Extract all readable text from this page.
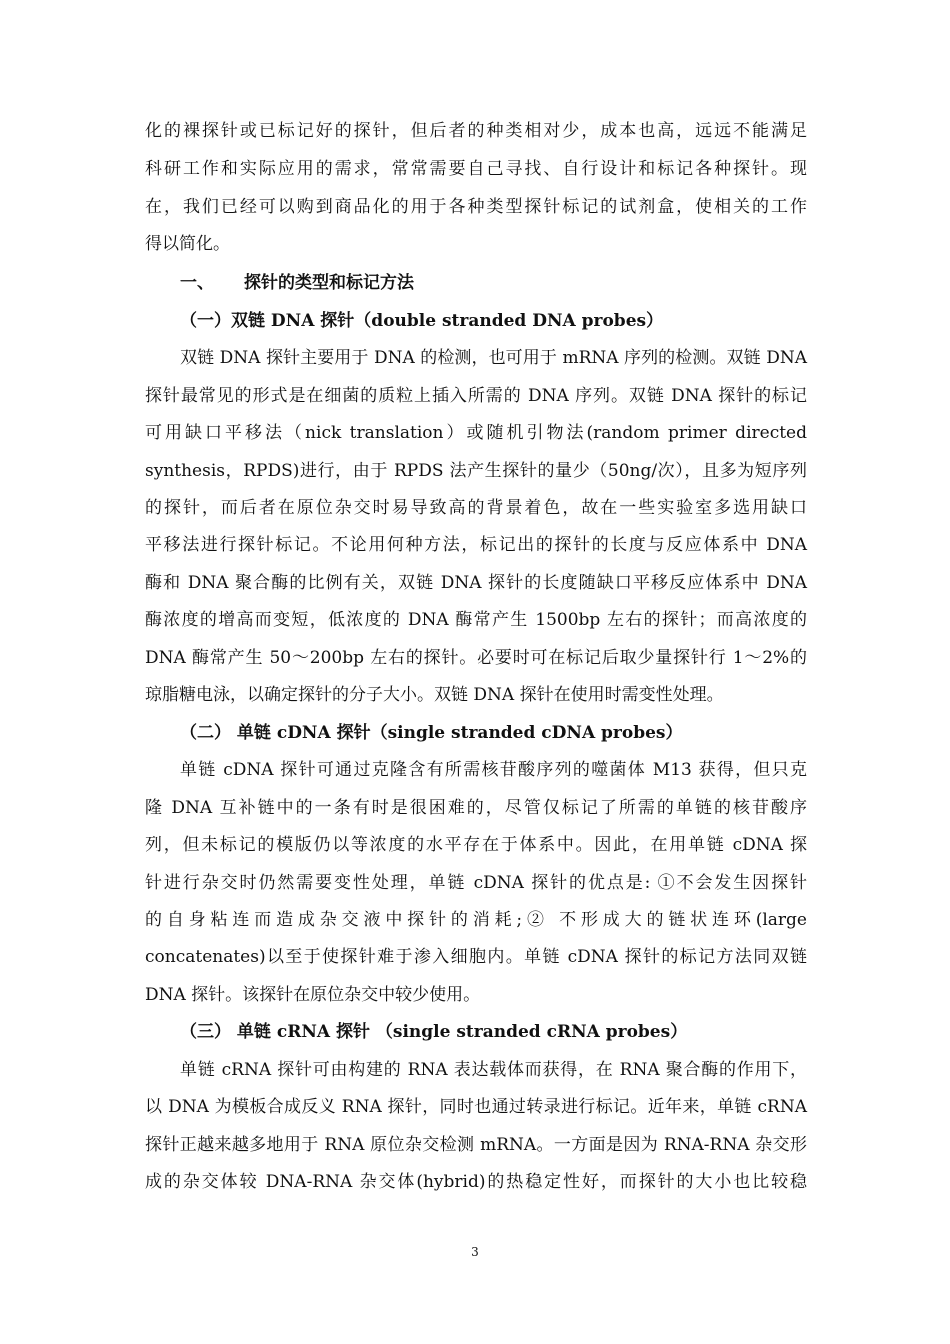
化的裸探针或已标记好的探针，但后者的种类相对少，成本也高，远远不能满足
科研工作和实际应用的需求，常常需要自己寻找、自行设计和标记各种探针。现
在，我们已经可以购到商品化的用于各种类型探针标记的试剂盒，使相关的工作
得以简化。
一、 探针的类型和标记方法
（一）双链 DNA 探针（double stranded DNA probes）
双链 DNA 探针主要用于 DNA 的检测，也可用于 mRNA 序列的检测。双链 DNA
探针最常见的形式是在细菌的质粒上插入所需的 DNA 序列。双链 DNA 探针的标记
可用缺口平移法（nick translation）或随机引物法(random primer directed
synthesis，RPDS)进行，由于 RPDS 法产生探针的量少（50ng/次），且多为短序列
的探针，而后者在原位杂交时易导致高的背景着色，故在一些实验室多选用缺口
平移法进行探针标记。不论用何种方法，标记出的探针的长度与反应体系中 DNA
酶和 DNA 聚合酶的比例有关，双链 DNA 探针的长度随缺口平移反应体系中 DNA
酶浓度的增高而变短，低浓度的 DNA 酶常产生 1500bp 左右的探针；而高浓度的
DNA 酶常产生 50～200bp 左右的探针。必要时可在标记后取少量探针行 1～2%的
琼脂糖电泳，以确定探针的分子大小。双链 DNA 探针在使用时需变性处理。
（二） 单链 cDNA 探针（single stranded cDNA probes）
单链 cDNA 探针可通过克隆含有所需核苷酸序列的噬菌体 M13 获得，但只克
隆 DNA 互补链中的一条有时是很困难的，尽管仅标记了所需的单链的核苷酸序
列，但未标记的模版仍以等浓度的水平存在于体系中。因此，在用单链 cDNA 探
针进行杂交时仍然需要变性处理，单链 cDNA 探针的优点是: ①不会发生因探针
的自身粘连而造成杂交液中探针的消耗;② 不形成大的链状连环(large
concatenates)以至于使探针难于渗入细胞内。单链 cDNA 探针的标记方法同双链
DNA 探针。该探针在原位杂交中较少使用。
（三） 单链 cRNA 探针 （single stranded cRNA probes）
单链 cRNA 探针可由构建的 RNA 表达载体而获得，在 RNA 聚合酶的作用下，
以 DNA 为模板合成反义 RNA 探针，同时也通过转录进行标记。近年来，单链 cRNA
探针正越来越多地用于 RNA 原位杂交检测 mRNA。一方面是因为 RNA-RNA 杂交形
成的杂交体较 DNA-RNA 杂交体(hybrid)的热稳定性好，而探针的大小也比较稳
3
